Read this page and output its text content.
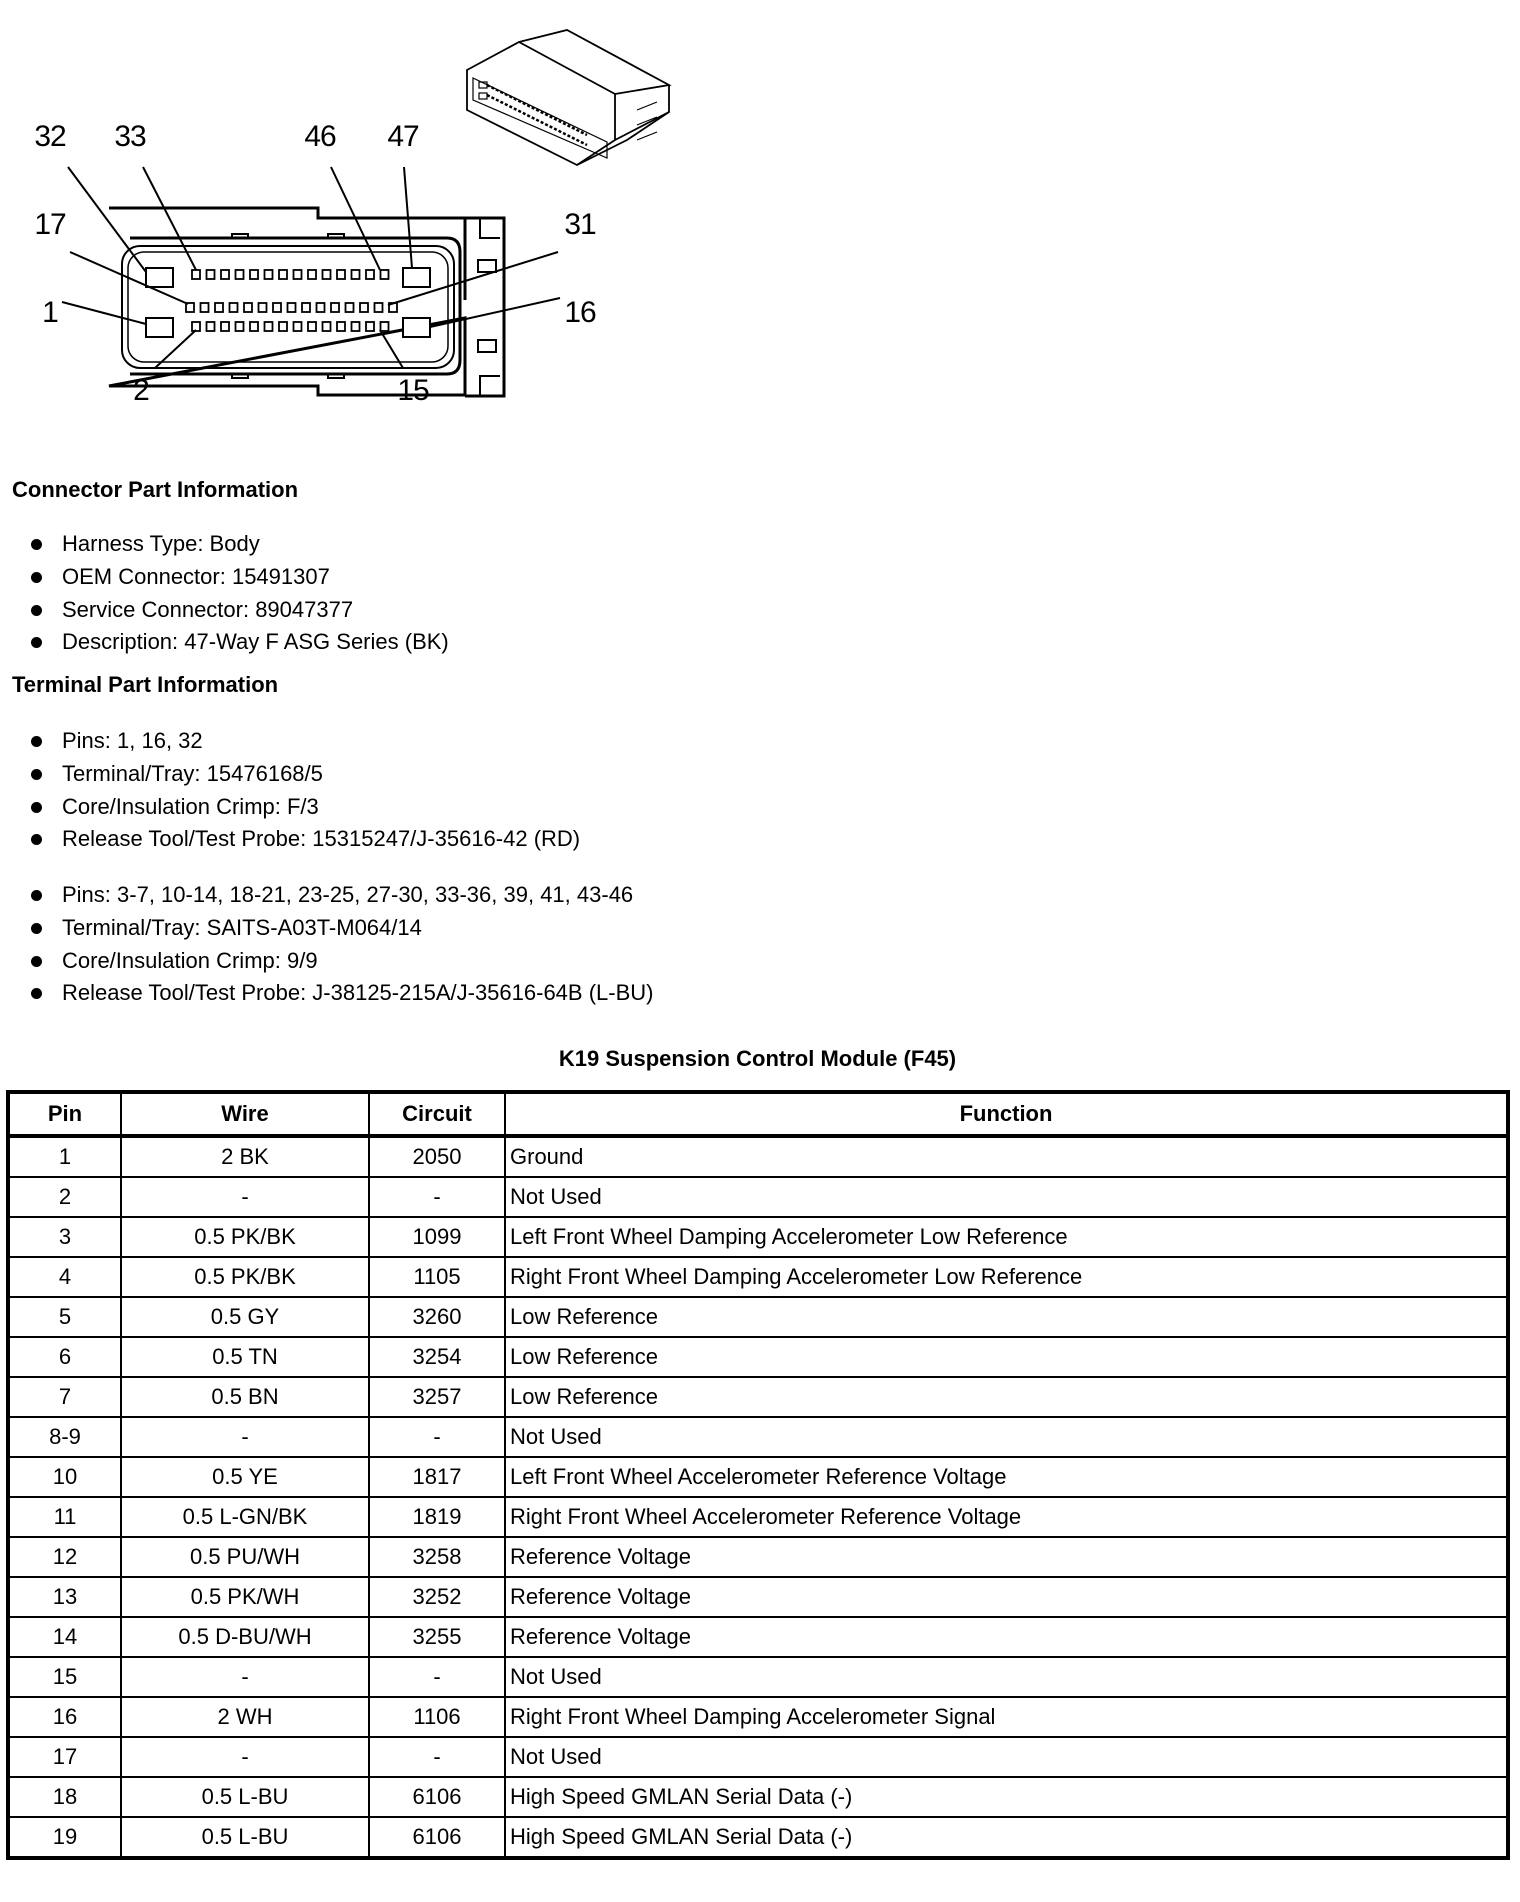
32 33	46 47
17	31
1	16
2	15
Connector Part Information
Harness Type: Body
OEM Connector: 15491307
Service Connector: 89047377
Description: 47-Way F ASG Series (BK)
Terminal Part Information
Pins: 1, 16, 32
Terminal/Tray: 15476168/5
Core/Insulation Crimp: F/3
Release Tool/Test Probe: 15315247/J-35616-42 (RD)
Pins: 3-7, 10-14, 18-21, 23-25, 27-30, 33-36, 39, 41, 43-46
Terminal/Tray: SAITS-A03T-M064/14
Core/Insulation Crimp: 9/9
Release Tool/Test Probe: J-38125-215A/J-35616-64B (L-BU)
K19 Suspension Control Module (F45)
Pin	Wire	Circuit	Function
1	2 BK	2050	Ground
2	-	-	Not Used
3	0.5 PK/BK	1099	Left Front Wheel Damping Accelerometer Low Reference
4	0.5 PK/BK	1105	Right Front Wheel Damping Accelerometer Low Reference
5	0.5 GY	3260	Low Reference
6	0.5 TN	3254	Low Reference
7	0.5 BN	3257	Low Reference
8-9	-	-	Not Used
10	0.5 YE	1817	Left Front Wheel Accelerometer Reference Voltage
11	0.5 L-GN/BK	1819	Right Front Wheel Accelerometer Reference Voltage
12	0.5 PU/WH	3258	Reference Voltage
13	0.5 PK/WH	3252	Reference Voltage
14	0.5 D-BU/WH	3255	Reference Voltage
15	-	-	Not Used
16	2 WH	1106	Right Front Wheel Damping Accelerometer Signal
17	-	-	Not Used
18	0.5 L-BU	6106	High Speed GMLAN Serial Data (-)
19	0.5 L-BU	6106	High Speed GMLAN Serial Data (-)
